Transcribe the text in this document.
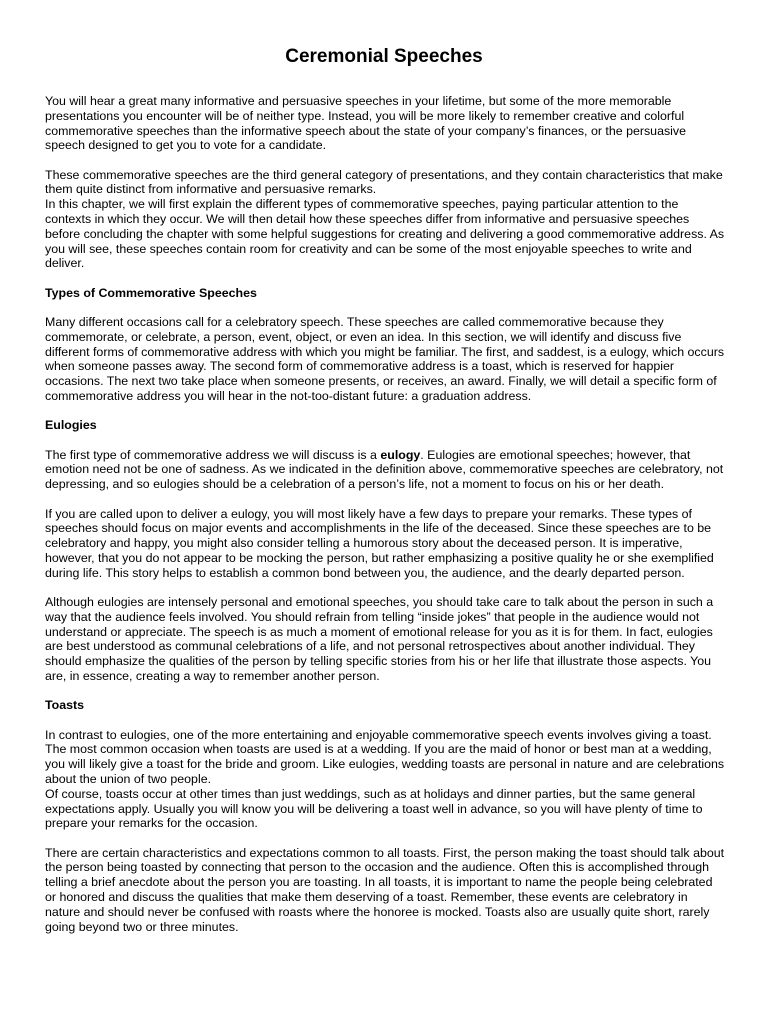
Ceremonial Speeches

You will hear a great many informative and persuasive speeches in your lifetime, but some of the more memorable presentations you encounter will be of neither type. Instead, you will be more likely to remember creative and colorful commemorative speeches than the informative speech about the state of your company’s finances, or the persuasive speech designed to get you to vote for a candidate.

These commemorative speeches are the third general category of presentations, and they contain characteristics that make them quite distinct from informative and persuasive remarks.

In this chapter, we will first explain the different types of commemorative speeches, paying particular attention to the contexts in which they occur. We will then detail how these speeches differ from informative and persuasive speeches before concluding the chapter with some helpful suggestions for creating and delivering a good commemorative address. As you will see, these speeches contain room for creativity and can be some of the most enjoyable speeches to write and deliver.

Types of Commemorative Speeches

Many different occasions call for a celebratory speech. These speeches are called commemorative because they commemorate, or celebrate, a person, event, object, or even an idea. In this section, we will identify and discuss five different forms of commemorative address with which you might be familiar. The first, and saddest, is a eulogy, which occurs when someone passes away. The second form of commemorative address is a toast, which is reserved for happier occasions. The next two take place when someone presents, or receives, an award. Finally, we will detail a specific form of commemorative address you will hear in the not-too-distant future: a graduation address.

Eulogies

The first type of commemorative address we will discuss is a eulogy. Eulogies are emotional speeches; however, that emotion need not be one of sadness. As we indicated in the definition above, commemorative speeches are celebratory, not depressing, and so eulogies should be a celebration of a person’s life, not a moment to focus on his or her death.

If you are called upon to deliver a eulogy, you will most likely have a few days to prepare your remarks. These types of speeches should focus on major events and accomplishments in the life of the deceased. Since these speeches are to be celebratory and happy, you might also consider telling a humorous story about the deceased person. It is imperative, however, that you do not appear to be mocking the person, but rather emphasizing a positive quality he or she exemplified during life. This story helps to establish a common bond between you, the audience, and the dearly departed person.

Although eulogies are intensely personal and emotional speeches, you should take care to talk about the person in such a way that the audience feels involved. You should refrain from telling “inside jokes” that people in the audience would not understand or appreciate. The speech is as much a moment of emotional release for you as it is for them. In fact, eulogies are best understood as communal celebrations of a life, and not personal retrospectives about another individual. They should emphasize the qualities of the person by telling specific stories from his or her life that illustrate those aspects. You are, in essence, creating a way to remember another person.

Toasts

In contrast to eulogies, one of the more entertaining and enjoyable commemorative speech events involves giving a toast. The most common occasion when toasts are used is at a wedding. If you are the maid of honor or best man at a wedding, you will likely give a toast for the bride and groom. Like eulogies, wedding toasts are personal in nature and are celebrations about the union of two people.

Of course, toasts occur at other times than just weddings, such as at holidays and dinner parties, but the same general expectations apply. Usually you will know you will be delivering a toast well in advance, so you will have plenty of time to prepare your remarks for the occasion.

There are certain characteristics and expectations common to all toasts. First, the person making the toast should talk about the person being toasted by connecting that person to the occasion and the audience. Often this is accomplished through telling a brief anecdote about the person you are toasting. In all toasts, it is important to name the people being celebrated or honored and discuss the qualities that make them deserving of a toast. Remember, these events are celebratory in nature and should never be confused with roasts where the honoree is mocked. Toasts also are usually quite short, rarely going beyond two or three minutes.
